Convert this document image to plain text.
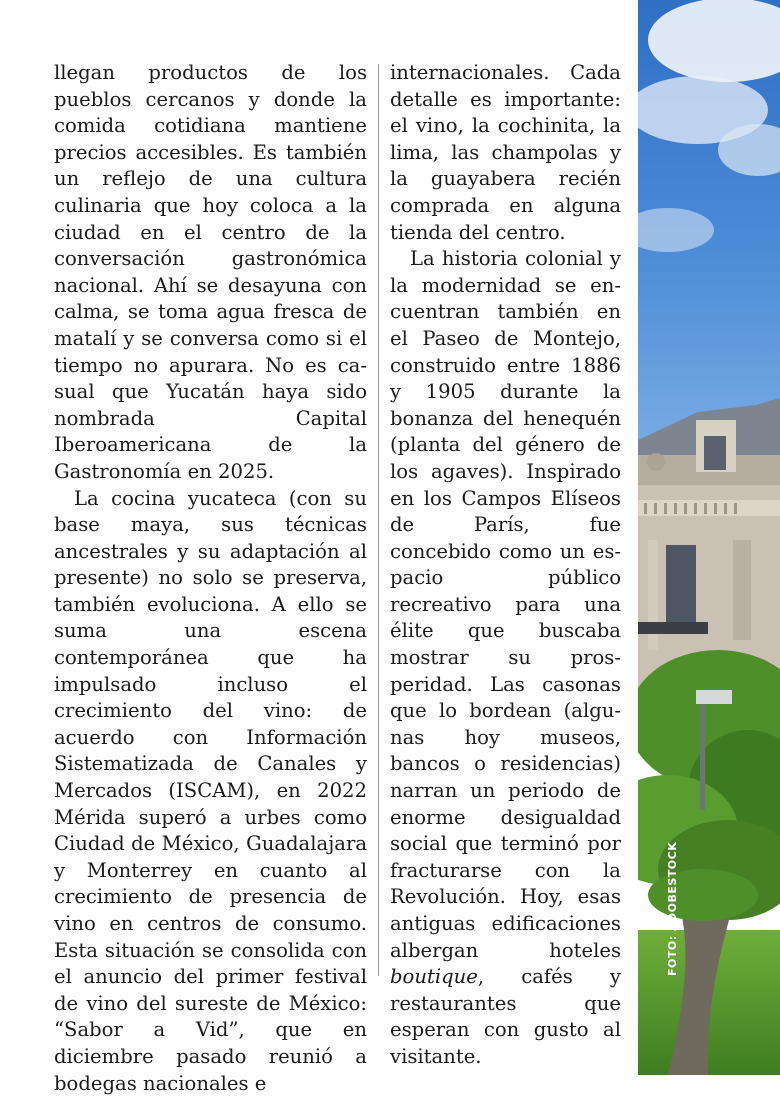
llegan productos de los pueblos cercanos y donde la comida cotidiana mantiene precios accesibles. Es también un reflejo de una cultura culinaria que hoy coloca a la ciudad en el centro de la conversación gastronómica nacional. Ahí se desayuna con calma, se toma agua fresca de matalí y se conversa como si el tiempo no apurara. No es casual que Yucatán haya sido nombrada Capital Iberoamericana de la Gastronomía en 2025.

La cocina yucateca (con su base maya, sus técnicas ancestrales y su adaptación al presente) no solo se preserva, también evoluciona. A ello se suma una escena contemporánea que ha impulsado incluso el crecimiento del vino: de acuerdo con Información Sistematizada de Canales y Mercados (ISCAM), en 2022 Mérida superó a urbes como Ciudad de México, Guadalajara y Monterrey en cuanto al crecimiento de presencia de vino en centros de consumo. Esta situación se consolida con el anuncio del primer festival de vino del sureste de México: “Sabor a Vid”, que en diciembre pasado reunió a bodegas nacionales e

internacionales. Cada detalle es importante: el vino, la cochinita, la lima, las champolas y la guayabera recién comprada en alguna tienda del centro.

La historia colonial y la modernidad se encuentran también en el Paseo de Montejo, construido entre 1886 y 1905 durante la bonanza del henequén (planta del género de los agaves). Inspirado en los Campos Elíseos de París, fue concebido como un espacio público recreativo para una élite que buscaba mostrar su prosperidad. Las casonas que lo bordean (algunas hoy museos, bancos o residencias) narran un periodo de enorme desigualdad social que terminó por fracturarse con la Revolución. Hoy, esas antiguas edificaciones albergan hoteles boutique, cafés y restaurantes que esperan con gusto al visitante.

FOTO: ADOBESTOCK
